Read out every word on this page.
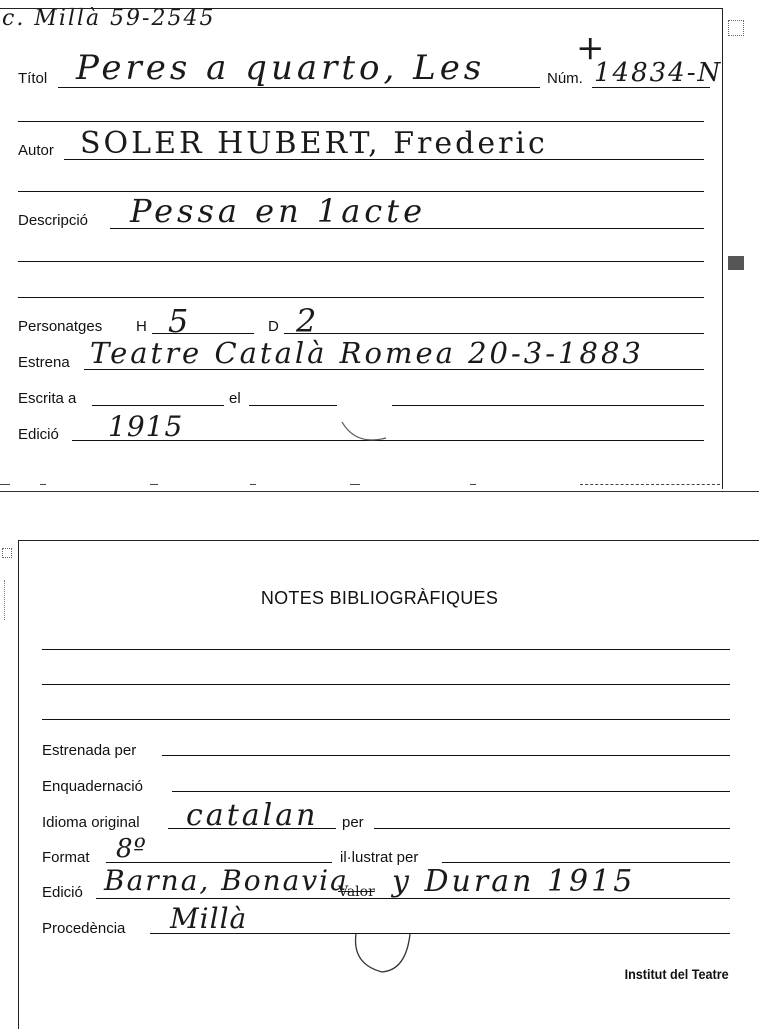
c. Millà 59-2545
Títol Peres a quarto, Les	Núm.
+
14834-N
Autor SOLER HUBERT, Frederic
Descripció Pessa en 1acte
Personatges H 5	D 2
Estrena Teatre Català Romea 20-3-1883
Escrita a	el
Edició 1915
NOTES BIBLIOGRÀFIQUES
Estrenada per
Enquadernació
Idioma original catalan per
Format 8º	il·lustrat per
Edició Barna, Bonavia
Valor y Duran 1915
Procedència Millà
Institut del Teatre
